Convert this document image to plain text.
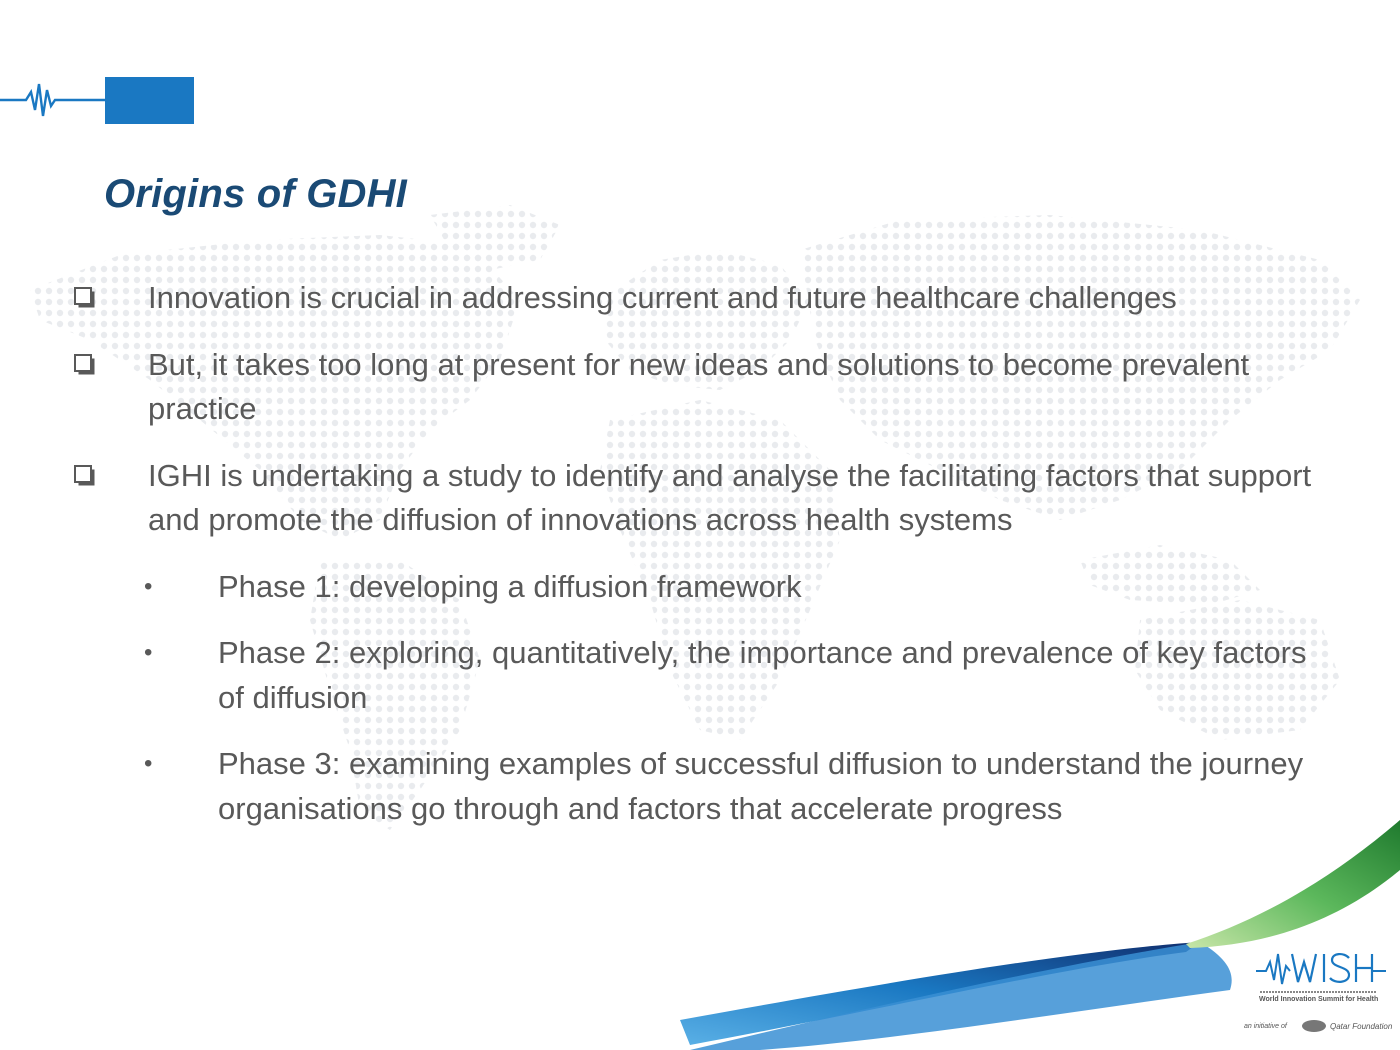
Origins of GDHI
Innovation is crucial in addressing current and future healthcare challenges
But, it takes too long at present for new ideas and solutions to become prevalent practice
IGHI is undertaking a study to identify and analyse the facilitating factors that support and promote the diffusion of innovations across health systems
• Phase 1: developing a diffusion framework
• Phase 2: exploring, quantitatively, the importance and prevalence of key factors of diffusion
• Phase 3: examining examples of successful diffusion to understand the journey organisations go through and factors that accelerate progress
World Innovation Summit for Health
an initiative of	Qatar Foundation
